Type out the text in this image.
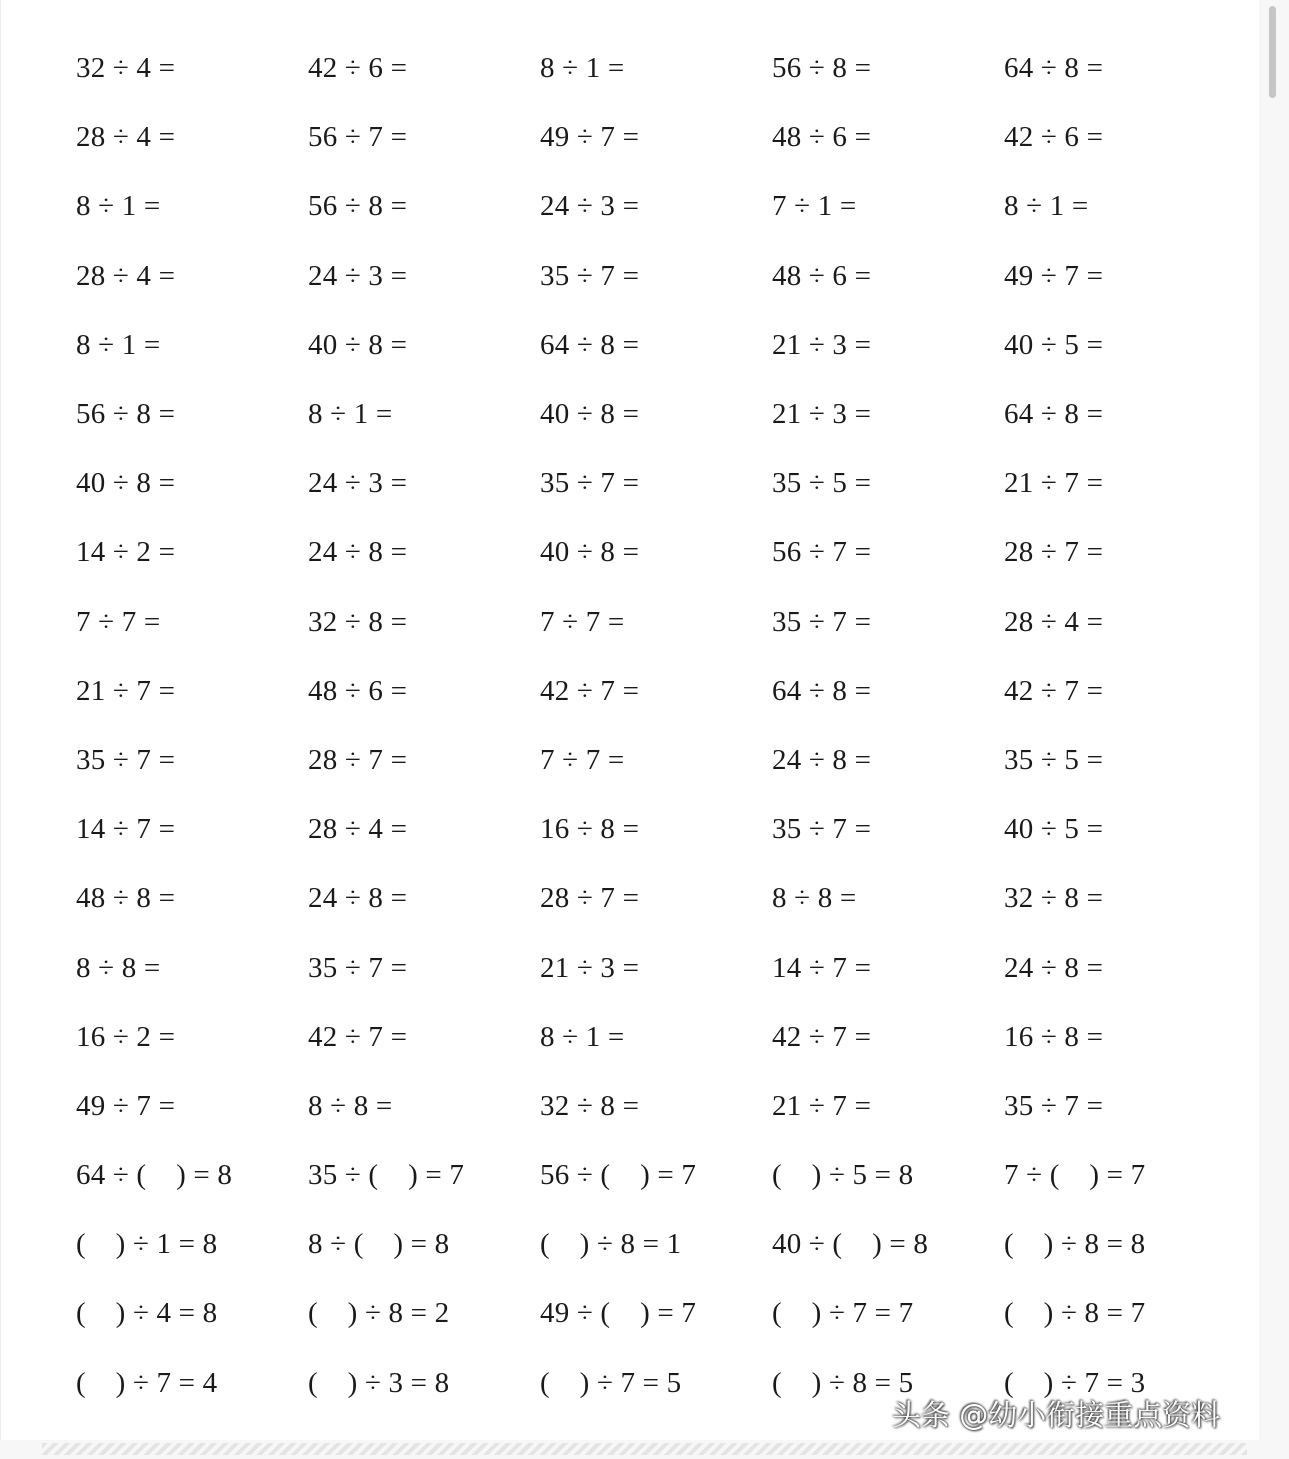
32 ÷ 4 =	42 ÷ 6 =	8 ÷ 1 =	56 ÷ 8 =	64 ÷ 8 =
28 ÷ 4 =	56 ÷ 7 =	49 ÷ 7 =	48 ÷ 6 =	42 ÷ 6 =
8 ÷ 1 =	56 ÷ 8 =	24 ÷ 3 =	7 ÷ 1 =	8 ÷ 1 =
28 ÷ 4 =	24 ÷ 3 =	35 ÷ 7 =	48 ÷ 6 =	49 ÷ 7 =
8 ÷ 1 =	40 ÷ 8 =	64 ÷ 8 =	21 ÷ 3 =	40 ÷ 5 =
56 ÷ 8 =	8 ÷ 1 =	40 ÷ 8 =	21 ÷ 3 =	64 ÷ 8 =
40 ÷ 8 =	24 ÷ 3 =	35 ÷ 7 =	35 ÷ 5 =	21 ÷ 7 =
14 ÷ 2 =	24 ÷ 8 =	40 ÷ 8 =	56 ÷ 7 =	28 ÷ 7 =
7 ÷ 7 =	32 ÷ 8 =	7 ÷ 7 =	35 ÷ 7 =	28 ÷ 4 =
21 ÷ 7 =	48 ÷ 6 =	42 ÷ 7 =	64 ÷ 8 =	42 ÷ 7 =
35 ÷ 7 =	28 ÷ 7 =	7 ÷ 7 =	24 ÷ 8 =	35 ÷ 5 =
14 ÷ 7 =	28 ÷ 4 =	16 ÷ 8 =	35 ÷ 7 =	40 ÷ 5 =
48 ÷ 8 =	24 ÷ 8 =	28 ÷ 7 =	8 ÷ 8 =	32 ÷ 8 =
8 ÷ 8 =	35 ÷ 7 =	21 ÷ 3 =	14 ÷ 7 =	24 ÷ 8 =
16 ÷ 2 =	42 ÷ 7 =	8 ÷ 1 =	42 ÷ 7 =	16 ÷ 8 =
49 ÷ 7 =	8 ÷ 8 =	32 ÷ 8 =	21 ÷ 7 =	35 ÷ 7 =
64 ÷ (    ) = 8	35 ÷ (    ) = 7	56 ÷ (    ) = 7	(    ) ÷ 5 = 8	7 ÷ (    ) = 7
(    ) ÷ 1 = 8	8 ÷ (    ) = 8	(    ) ÷ 8 = 1	40 ÷ (    ) = 8	(    ) ÷ 8 = 8
(    ) ÷ 4 = 8	(    ) ÷ 8 = 2	49 ÷ (    ) = 7	(    ) ÷ 7 = 7	(    ) ÷ 8 = 7
(    ) ÷ 7 = 4	(    ) ÷ 3 = 8	(    ) ÷ 7 = 5	(    ) ÷ 8 = 5	(    ) ÷ 7 = 3
头条 @幼小衔接重点资料
